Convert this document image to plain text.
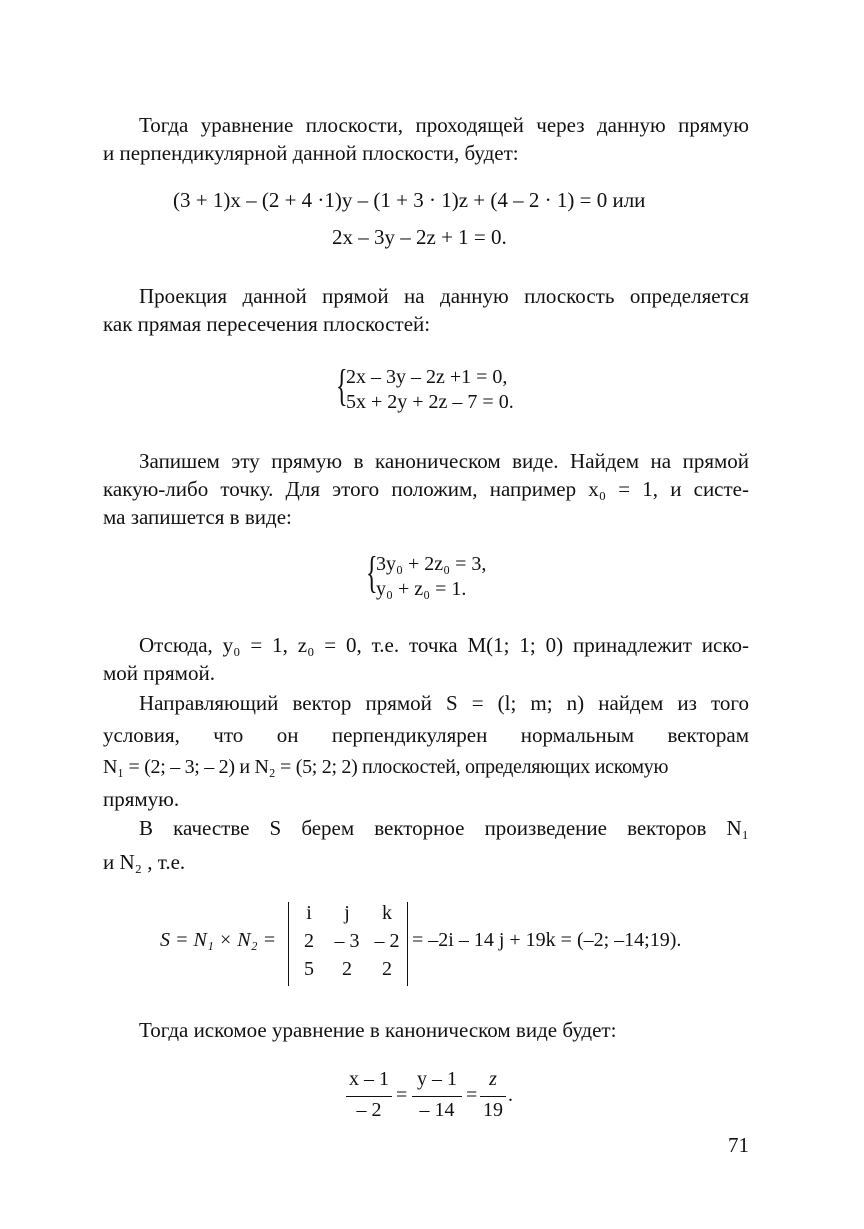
Тогда уравнение плоскости, проходящей через данную прямую
и перпендикулярной данной плоскости, будет:
(3 + 1)x – (2 + 4 ·1)y – (1 + 3 · 1)z + (4 – 2 · 1) = 0 или
2x – 3y – 2z + 1 = 0.
Проекция данной прямой на данную плоскость определяется
как прямая пересечения плоскостей:
{
2x – 3y – 2z +1 = 0,
5x + 2y + 2z – 7 = 0.
Запишем эту прямую в каноническом виде. Найдем на прямой
какую-либо точку. Для этого положим, например x₀ = 1, и систе-
ма запишется в виде:
{
3y₀ + 2z₀ = 3,
y₀ + z₀ = 1.
Отсюда, y₀ = 1, z₀ = 0, т.е. точка M(1; 1; 0) принадлежит иско-
мой прямой.
Направляющий вектор прямой S = (l; m; n) найдем из того
условия, что он перпендикулярен нормальным векторам
N₁ = (2; – 3; – 2) и N₂ = (5; 2; 2) плоскостей, определяющих искомую
прямую.
В качестве S берем векторное произведение векторов N₁
и N₂ , т.е.
S = N₁ × N₂ =
i	j	k
2	– 3 – 2
5	2	2
= –2i – 14 j + 19k = (–2; –14;19).
Тогда искомое уравнение в каноническом виде будет:
x – 1
– 2
=
y – 1
– 14
=
z
19
.
71
